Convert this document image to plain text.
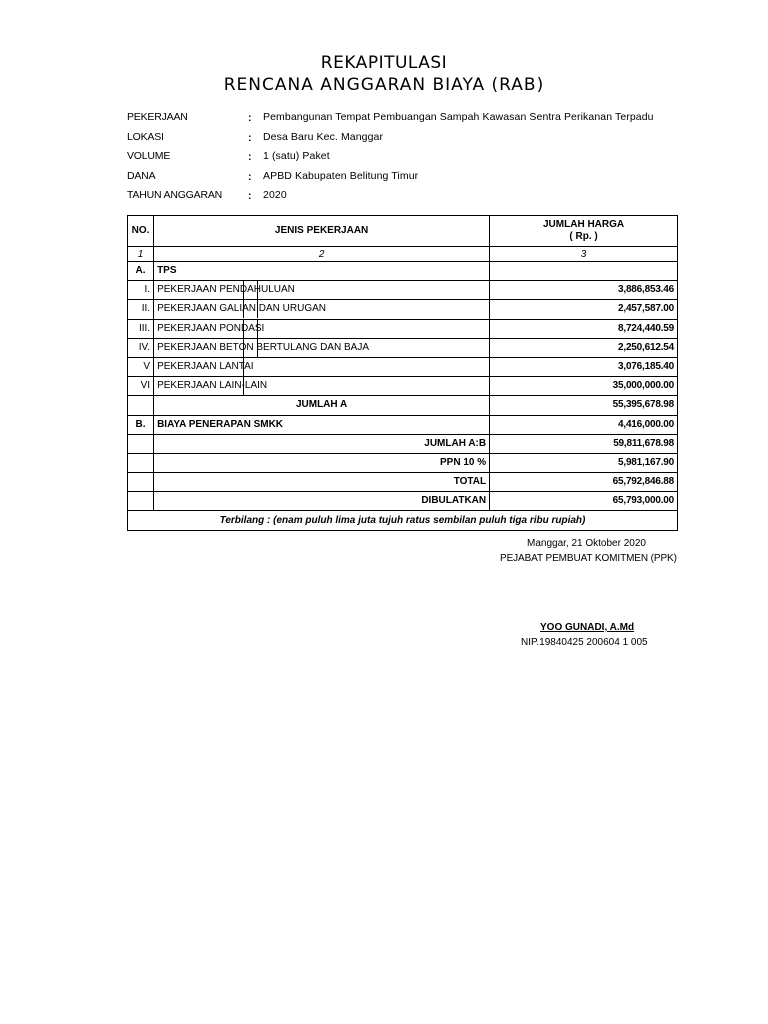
REKAPITULASI
RENCANA ANGGARAN BIAYA (RAB)
PEKERJAAN	: Pembangunan Tempat Pembuangan Sampah Kawasan Sentra Perikanan Terpadu
LOKASI	: Desa Baru Kec. Manggar
VOLUME	: 1 (satu) Paket
DANA	: APBD Kabupaten Belitung Timur
TAHUN ANGGARAN : 2020
NO.	JENIS PEKERJAAN	JUMLAH HARGA
( Rp. )

1	2	3
A.	TPS	
I.	PEKERJAAN PENDAHULUAN	3,886,853.46
II.	PEKERJAAN GALIAN DAN URUGAN	2,457,587.00
III.	PEKERJAAN PONDASI	8,724,440.59
IV.	PEKERJAAN BETON BERTULANG DAN BAJA	2,250,612.54
V	PEKERJAAN LANTAI	3,076,185.40
VI	PEKERJAAN LAIN-LAIN	35,000,000.00
	JUMLAH A	55,395,678.98
B.	BIAYA PENERAPAN SMKK	4,416,000.00
	JUMLAH A:B	59,811,678.98
	PPN 10 %	5,981,167.90
	TOTAL	65,792,846.88
	DIBULATKAN	65,793,000.00
Terbilang : (enam puluh lima juta tujuh ratus sembilan puluh tiga ribu rupiah)		
Manggar, 21 Oktober 2020
PEJABAT PEMBUAT KOMITMEN (PPK)
YOO GUNADI, A.Md
NIP.19840425 200604 1 005
